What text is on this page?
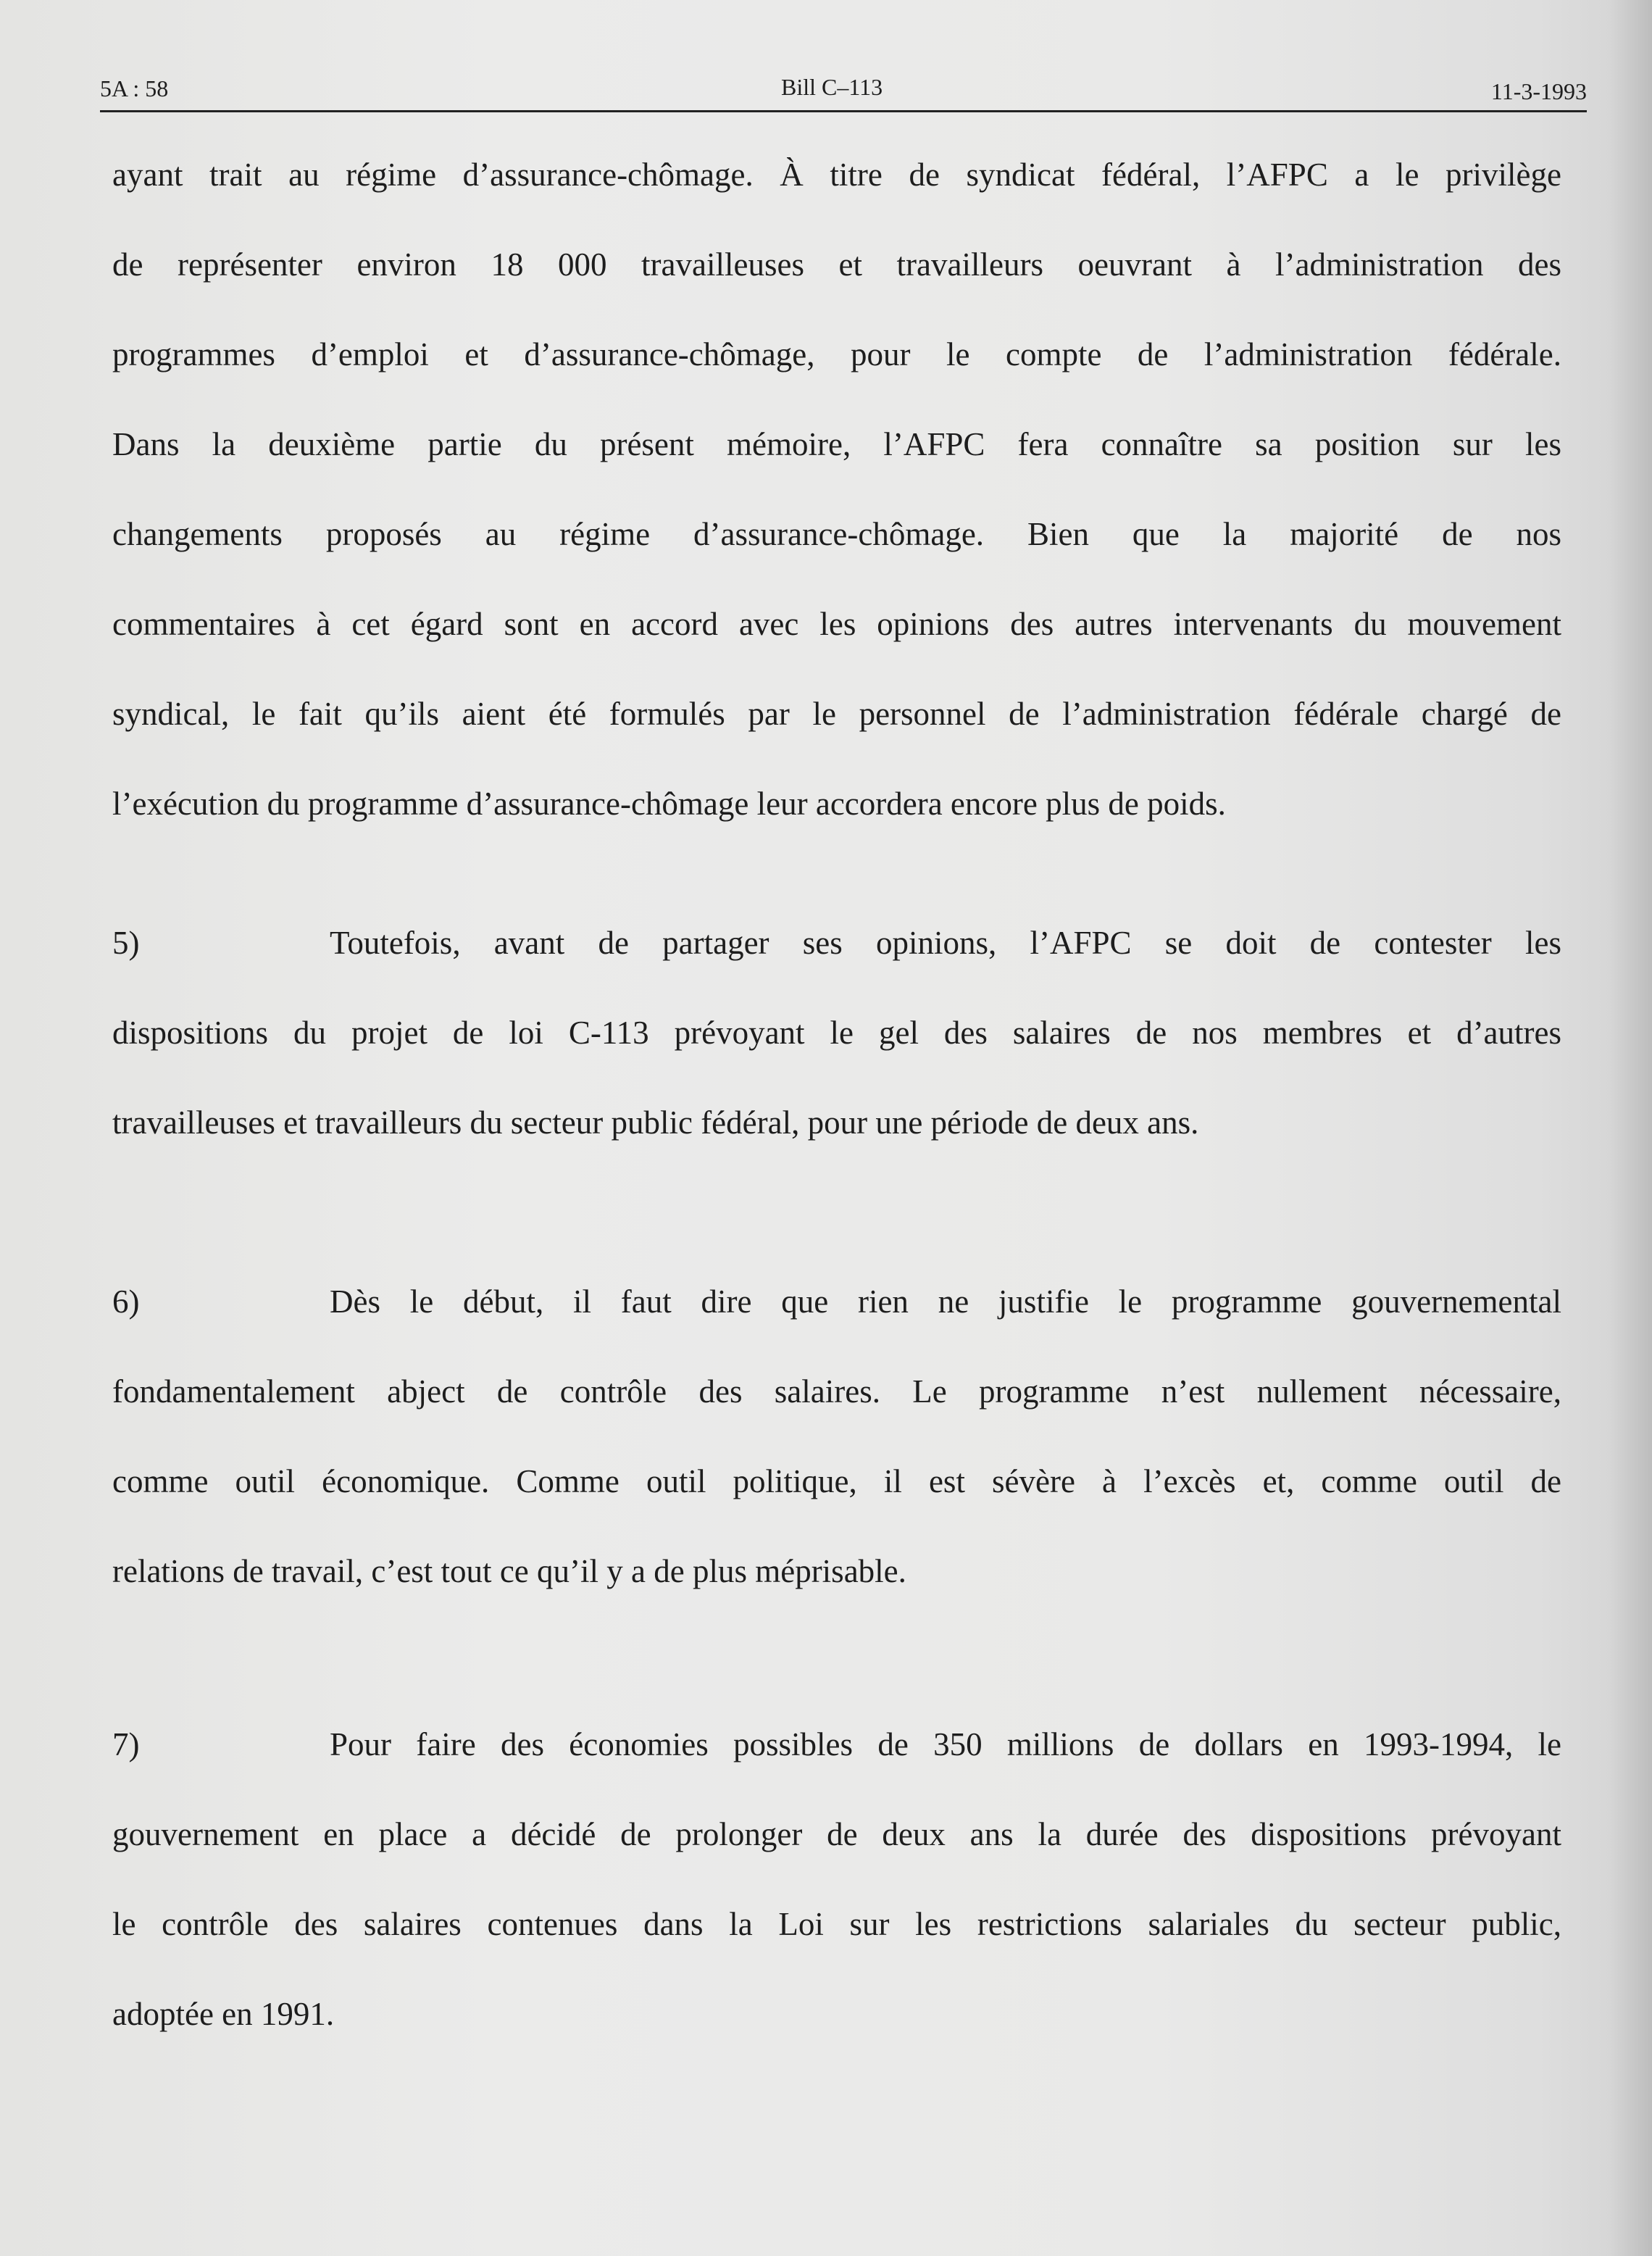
5A : 58	Bill C–113	11-3-1993
ayant trait au régime d’assurance-chômage. À titre de syndicat fédéral, l’AFPC a le privilège
de représenter environ 18 000 travailleuses et travailleurs oeuvrant à l’administration des
programmes d’emploi et d’assurance-chômage, pour le compte de l’administration fédérale.
Dans la deuxième partie du présent mémoire, l’AFPC fera connaître sa position sur les
changements proposés au régime d’assurance-chômage. Bien que la majorité de nos
commentaires à cet égard sont en accord avec les opinions des autres intervenants du mouvement
syndical, le fait qu’ils aient été formulés par le personnel de l’administration fédérale chargé de
l’exécution du programme d’assurance-chômage leur accordera encore plus de poids.
5)	Toutefois, avant de partager ses opinions, l’AFPC se doit de contester les
dispositions du projet de loi C-113 prévoyant le gel des salaires de nos membres et d’autres
travailleuses et travailleurs du secteur public fédéral, pour une période de deux ans.
6)	Dès le début, il faut dire que rien ne justifie le programme gouvernemental
fondamentalement abject de contrôle des salaires. Le programme n’est nullement nécessaire,
comme outil économique. Comme outil politique, il est sévère à l’excès et, comme outil de
relations de travail, c’est tout ce qu’il y a de plus méprisable.
7)	Pour faire des économies possibles de 350 millions de dollars en 1993-1994, le
gouvernement en place a décidé de prolonger de deux ans la durée des dispositions prévoyant
le contrôle des salaires contenues dans la Loi sur les restrictions salariales du secteur public,
adoptée en 1991.
